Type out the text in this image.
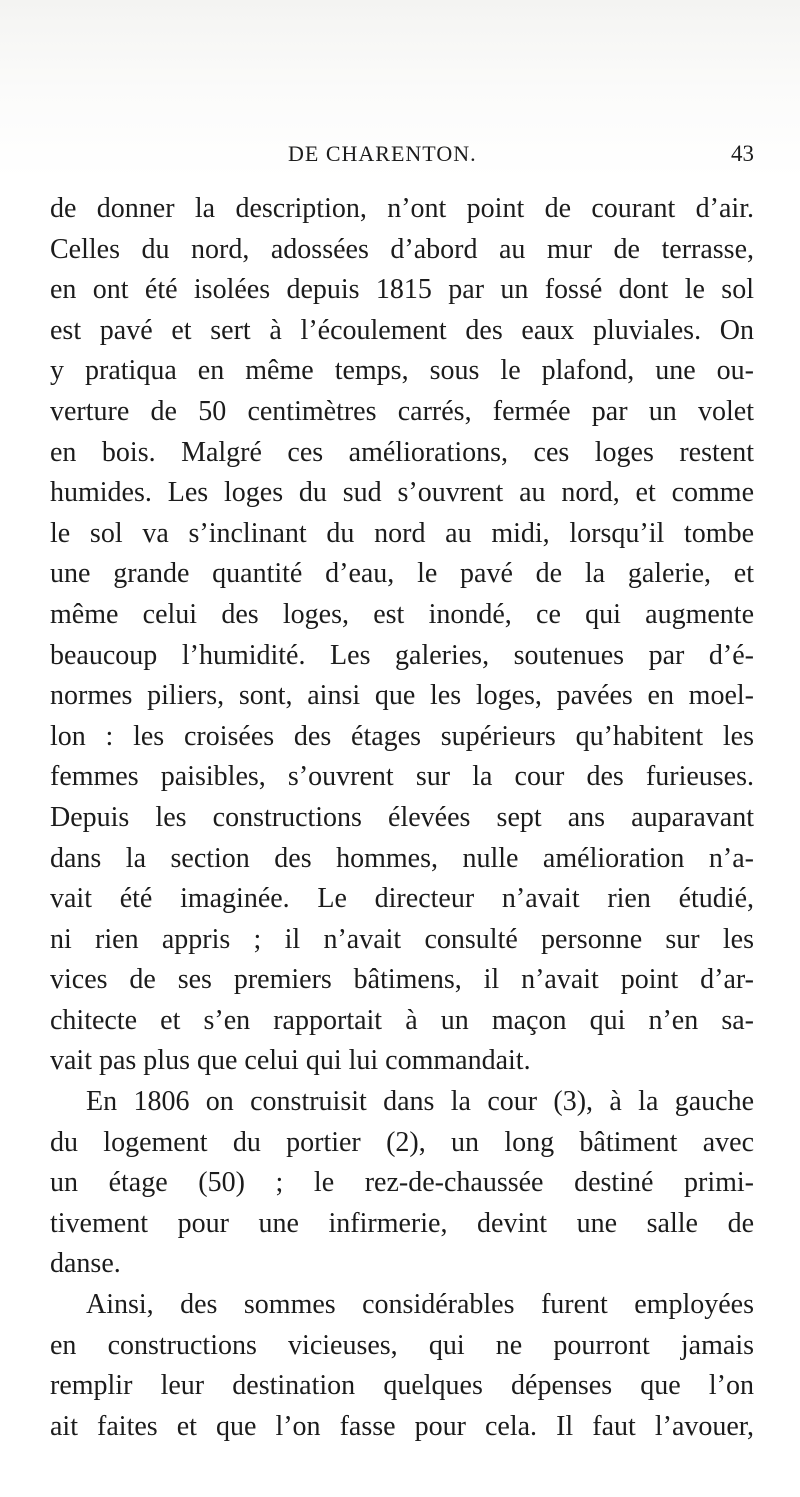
DE CHARENTON.	43
de donner la description, n’ont point de courant d’air.
Celles du nord, adossées d’abord au mur de terrasse,
en ont été isolées depuis 1815 par un fossé dont le sol
est pavé et sert à l’écoulement des eaux pluviales. On
y pratiqua en même temps, sous le plafond, une ou-
verture de 50 centimètres carrés, fermée par un volet
en bois. Malgré ces améliorations, ces loges restent
humides. Les loges du sud s’ouvrent au nord, et comme
le sol va s’inclinant du nord au midi, lorsqu’il tombe
une grande quantité d’eau, le pavé de la galerie, et
même celui des loges, est inondé, ce qui augmente
beaucoup l’humidité. Les galeries, soutenues par d’é-
normes piliers, sont, ainsi que les loges, pavées en moel-
lon : les croisées des étages supérieurs qu’habitent les
femmes paisibles, s’ouvrent sur la cour des furieuses.
Depuis les constructions élevées sept ans auparavant
dans la section des hommes, nulle amélioration n’a-
vait été imaginée. Le directeur n’avait rien étudié,
ni rien appris ; il n’avait consulté personne sur les
vices de ses premiers bâtimens, il n’avait point d’ar-
chitecte et s’en rapportait à un maçon qui n’en sa-
vait pas plus que celui qui lui commandait.
En 1806 on construisit dans la cour (3), à la gauche
du logement du portier (2), un long bâtiment avec
un étage (50) ; le rez-de-chaussée destiné primi-
tivement pour une infirmerie, devint une salle de
danse.
Ainsi, des sommes considérables furent employées
en constructions vicieuses, qui ne pourront jamais
remplir leur destination quelques dépenses que l’on
ait faites et que l’on fasse pour cela. Il faut l’avouer,
